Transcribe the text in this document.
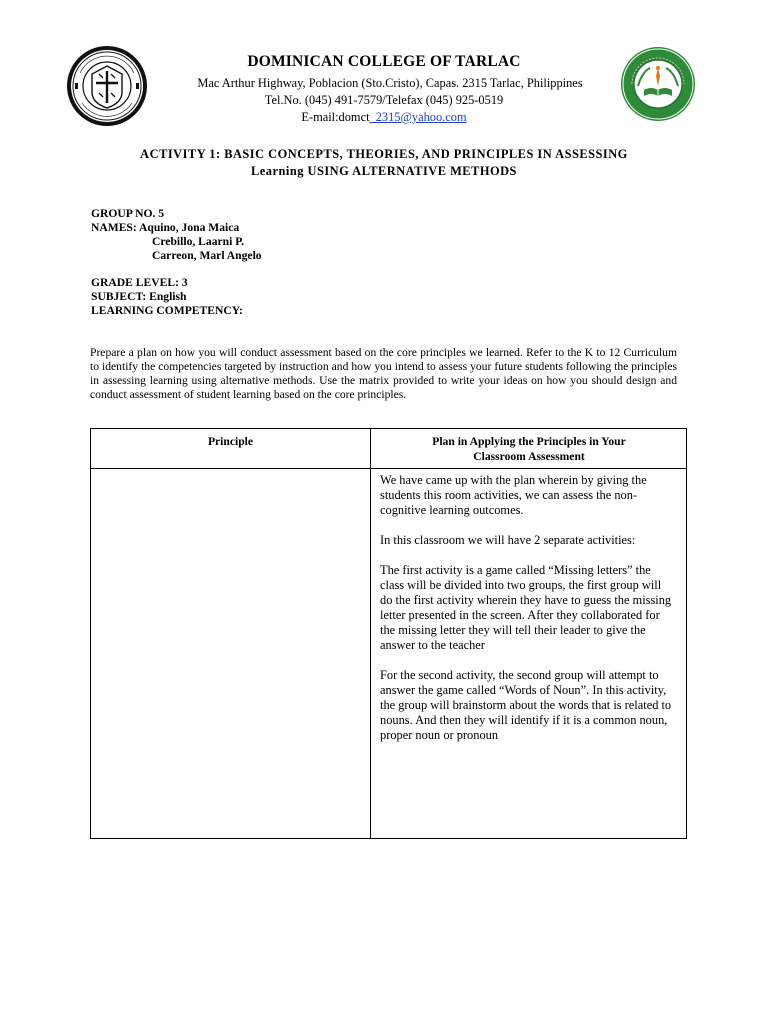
DOMINICAN COLLEGE OF TARLAC
Mac Arthur Highway, Poblacion (Sto.Cristo), Capas. 2315 Tarlac, Philippines
Tel.No. (045) 491-7579/Telefax (045) 925-0519
E-mail:domct_2315@yahoo.com
ACTIVITY 1: BASIC CONCEPTS, THEORIES, AND PRINCIPLES IN ASSESSING
Learning USING ALTERNATIVE METHODS
GROUP NO. 5
NAMES: Aquino, Jona Maica
Crebillo, Laarni P.
Carreon, Marl Angelo
GRADE LEVEL: 3
SUBJECT: English
LEARNING COMPETENCY:
Prepare a plan on how you will conduct assessment based on the core principles we learned. Refer to the K to 12 Curriculum to identify the competencies targeted by instruction and how you intend to assess your future students following the principles in assessing learning using alternative methods. Use the matrix provided to write your ideas on how you should design and conduct assessment of student learning based on the core principles.
Principle	Plan in Applying the Principles in Your
Classroom Assessment

We have came up with the plan wherein by giving the students this room activities, we can assess the non-cognitive learning outcomes.

In this classroom we will have 2 separate activities:

The first activity is a game called “Missing letters” the class will be divided into two groups, the first group will do the first activity wherein they have to guess the missing letter presented in the screen. After they collaborated for the missing letter they will tell their leader to give the answer to the teacher

For the second activity, the second group will attempt to answer the game called “Words of Noun”. In this activity, the group will brainstorm about the words that is related to nouns. And then they will identify if it is a common noun, proper noun or pronoun
